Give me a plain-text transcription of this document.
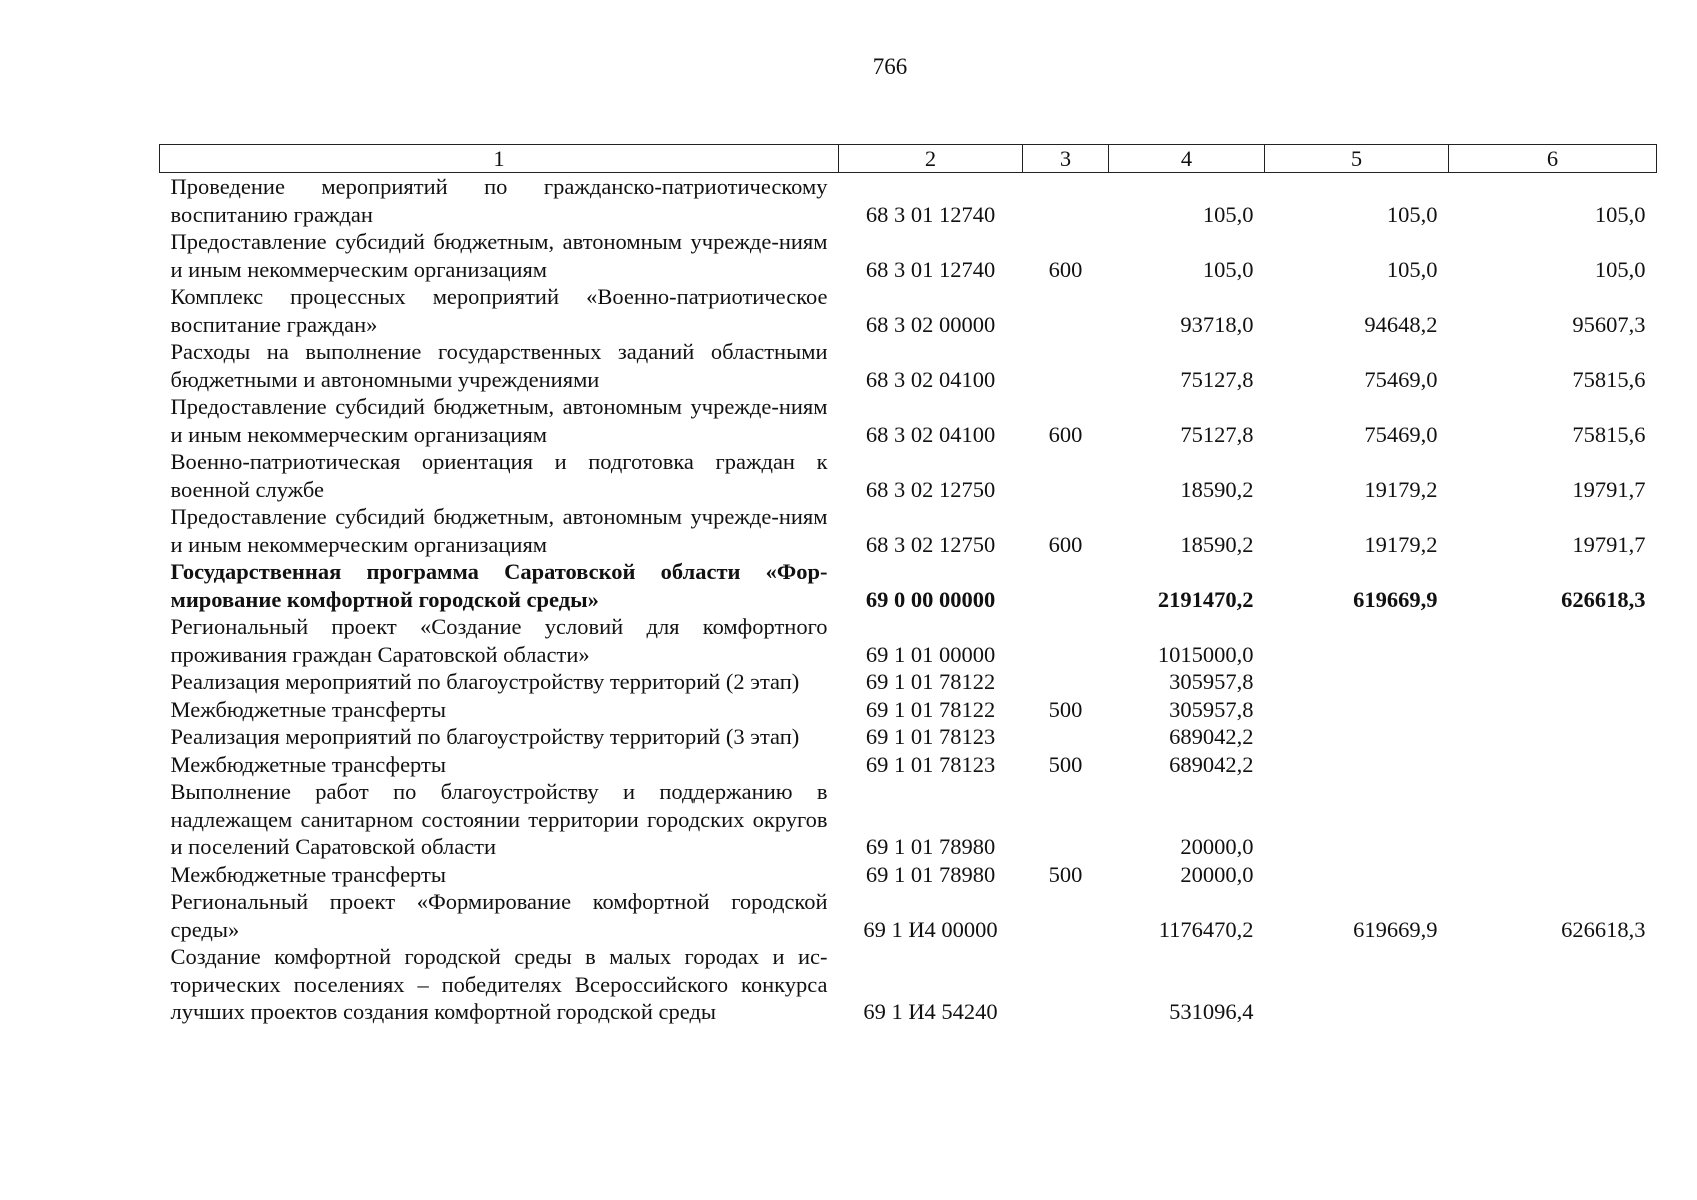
766
1	2	3	4	5	6
Проведение мероприятий по гражданско-патриотическому воспитанию граждан	68 3 01 12740		105,0	105,0	105,0
Предоставление субсидий бюджетным, автономным учрежде-ниям и иным некоммерческим организациям	68 3 01 12740	600	105,0	105,0	105,0
Комплекс процессных мероприятий «Военно-патриотическое воспитание граждан»	68 3 02 00000		93718,0	94648,2	95607,3
Расходы на выполнение государственных заданий областными бюджетными и автономными учреждениями	68 3 02 04100		75127,8	75469,0	75815,6
Предоставление субсидий бюджетным, автономным учрежде-ниям и иным некоммерческим организациям	68 3 02 04100	600	75127,8	75469,0	75815,6
Военно-патриотическая ориентация и подготовка граждан к военной службе	68 3 02 12750		18590,2	19179,2	19791,7
Предоставление субсидий бюджетным, автономным учрежде-ниям и иным некоммерческим организациям	68 3 02 12750	600	18590,2	19179,2	19791,7
Государственная программа Саратовской области «Фор-мирование комфортной городской среды»	69 0 00 00000		2191470,2	619669,9	626618,3
Региональный проект «Создание условий для комфортного проживания граждан Саратовской области»	69 1 01 00000		1015000,0		
Реализация мероприятий по благоустройству территорий (2 этап)	69 1 01 78122		305957,8		
Межбюджетные трансферты	69 1 01 78122	500	305957,8		
Реализация мероприятий по благоустройству территорий (3 этап)	69 1 01 78123		689042,2		
Межбюджетные трансферты	69 1 01 78123	500	689042,2		
Выполнение работ по благоустройству и поддержанию в надлежащем санитарном состоянии территории городских округов и поселений Саратовской области	69 1 01 78980		20000,0		
Межбюджетные трансферты	69 1 01 78980	500	20000,0		
Региональный проект «Формирование комфортной городской среды»	69 1 И4 00000		1176470,2	619669,9	626618,3
Создание комфортной городской среды в малых городах и ис-торических поселениях – победителях Всероссийского конкурса лучших проектов создания комфортной городской среды	69 1 И4 54240		531096,4		
